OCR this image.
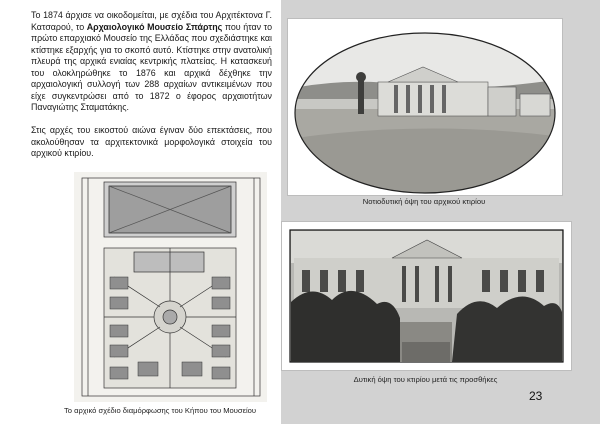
Το 1874 άρχισε να οικοδομείται, με σχέδια του Αρχιτέκτονα Γ. Κατσαρού, το Αρχαιολογικό Μουσείο Σπάρτης που ήταν το πρώτο επαρχιακό Μουσείο της Ελλάδας που σχεδιάστηκε και κτίστηκε εξαρχής για το σκοπό αυτό. Κτίστηκε στην ανατολική πλευρά της αρχικά ενιαίας κεντρικής πλατείας. Η κατασκευή του ολοκληρώθηκε το 1876 και αρχικά δέχθηκε την αρχαιολογική συλλογή των 288 αρχαίων αντικειμένων που είχε συγκεντρώσει από το 1872 ο έφορος αρχαιοτήτων Παναγιώτης Σταματάκης.

Στις αρχές του εικοστού αιώνα έγιναν δύο επεκτάσεις, που ακολούθησαν τα αρχιτεκτονικά μορφολογικά στοιχεία του αρχικού κτιρίου.

Το αρχικό σχέδιο διαμόρφωσης του Κήπου του Μουσείου
Νοτιοδυτική όψη του αρχικού κτιρίου
Δυτική όψη του κτιρίου μετά τις προσθήκες
23
